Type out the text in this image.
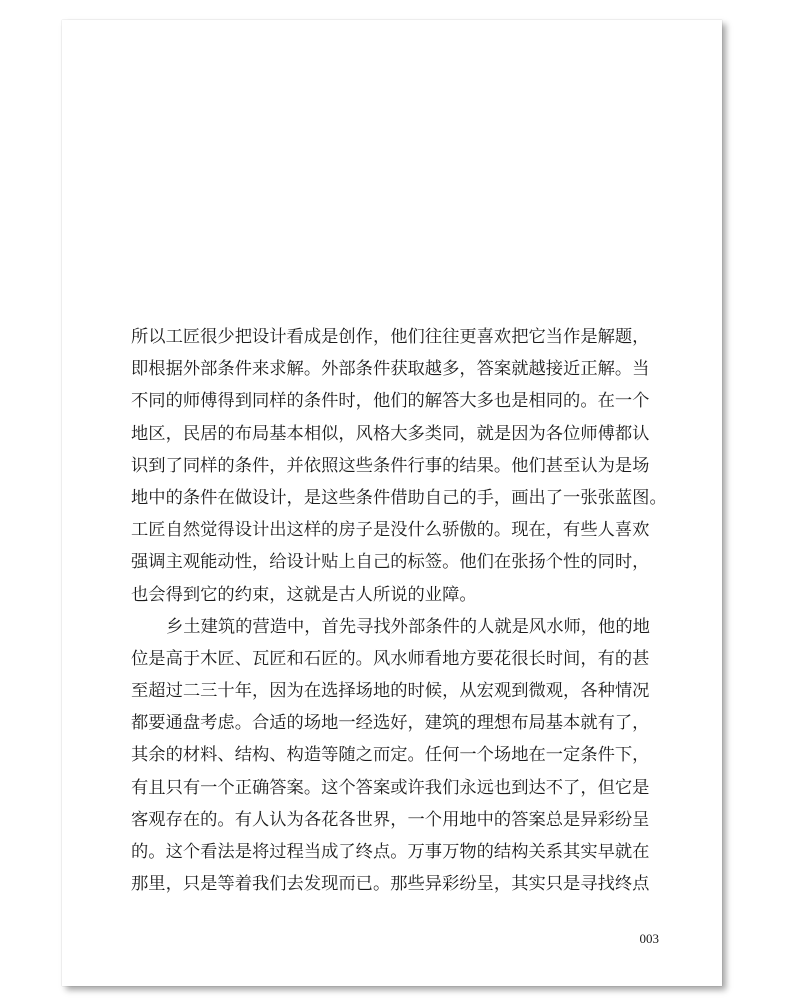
所以工匠很少把设计看成是创作，他们往往更喜欢把它当作是解题，
即根据外部条件来求解。外部条件获取越多，答案就越接近正解。当
不同的师傅得到同样的条件时，他们的解答大多也是相同的。在一个
地区，民居的布局基本相似，风格大多类同，就是因为各位师傅都认
识到了同样的条件，并依照这些条件行事的结果。他们甚至认为是场
地中的条件在做设计，是这些条件借助自己的手，画出了一张张蓝图。
工匠自然觉得设计出这样的房子是没什么骄傲的。现在，有些人喜欢
强调主观能动性，给设计贴上自己的标签。他们在张扬个性的同时，
也会得到它的约束，这就是古人所说的业障。
乡土建筑的营造中，首先寻找外部条件的人就是风水师，他的地
位是高于木匠、瓦匠和石匠的。风水师看地方要花很长时间，有的甚
至超过二三十年，因为在选择场地的时候，从宏观到微观，各种情况
都要通盘考虑。合适的场地一经选好，建筑的理想布局基本就有了，
其余的材料、结构、构造等随之而定。任何一个场地在一定条件下，
有且只有一个正确答案。这个答案或许我们永远也到达不了，但它是
客观存在的。有人认为各花各世界，一个用地中的答案总是异彩纷呈
的。这个看法是将过程当成了终点。万事万物的结构关系其实早就在
那里，只是等着我们去发现而已。那些异彩纷呈，其实只是寻找终点
003
